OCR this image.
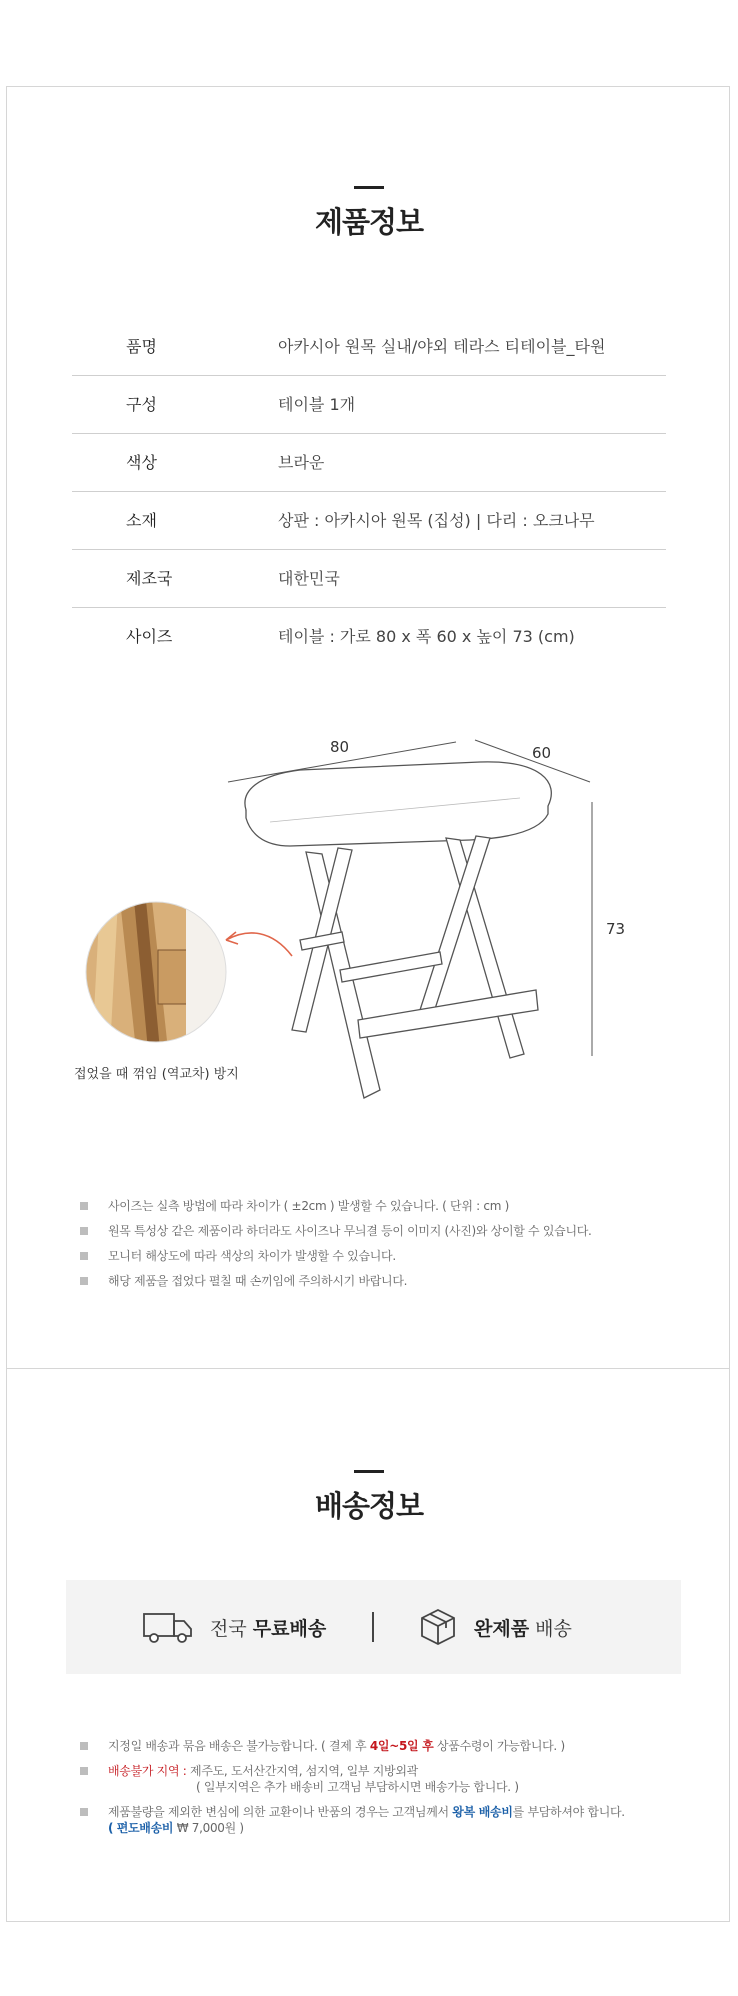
제품정보
품명	아카시아 원목 실내/야외 테라스 티테이블_타원
구성	테이블 1개
색상	브라운
소재	상판 : 아카시아 원목 (집성) | 다리 : 오크나무
제조국	대한민국
사이즈	테이블 : 가로 80 x 폭 60 x 높이 73 (cm)
80	60
73
접었을 때 꺾임 (역교차) 방지
사이즈는 실측 방법에 따라 차이가 ( ±2cm ) 발생할 수 있습니다. ( 단위 : cm )
원목 특성상 같은 제품이라 하더라도 사이즈나 무늬결 등이 이미지 (사진)와 상이할 수 있습니다.
모니터 해상도에 따라 색상의 차이가 발생할 수 있습니다.
해당 제품을 접었다 펼칠 때 손끼임에 주의하시기 바랍니다.
배송정보
전국
무료배송	완제품
배송
지정일 배송과 묶음 배송은 불가능합니다. ( 결제 후 4일~5일 후 상품수령이 가능합니다. )
배송불가 지역 : 제주도, 도서산간지역, 섬지역, 일부 지방외곽
( 일부지역은 추가 배송비 고객님 부담하시면 배송가능 합니다. )
제품불량을 제외한 변심에 의한 교환이나 반품의 경우는 고객님께서 왕복 배송비를 부담하셔야 합니다.
( 편도배송비 ₩ 7,000원 )
